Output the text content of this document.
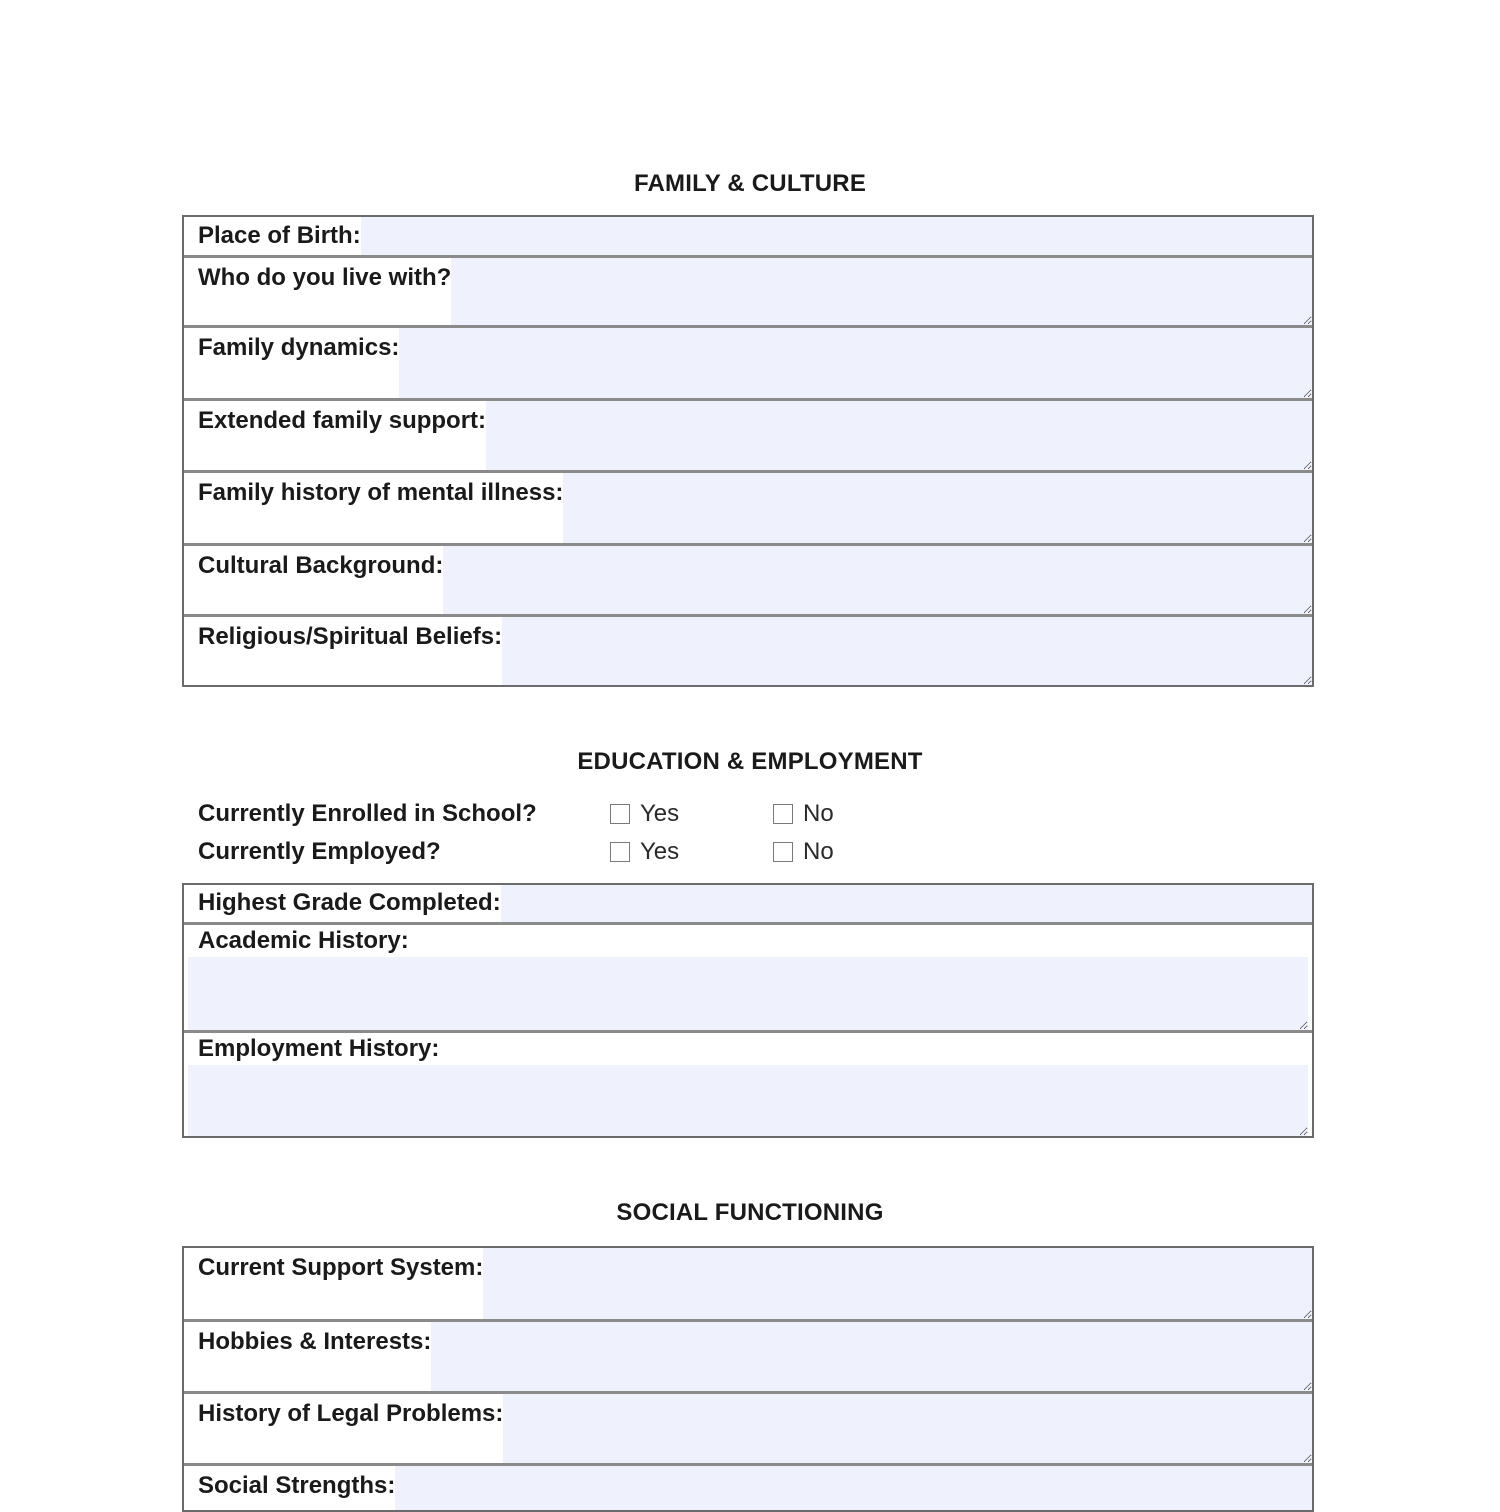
FAMILY & CULTURE
Place of Birth:
Who do you live with?
Family dynamics:
Extended family support:
Family history of mental illness:
Cultural Background:
Religious/Spiritual Beliefs:
EDUCATION & EMPLOYMENT
Currently Enrolled in School?	Yes	No
Currently Employed?	Yes	No
Highest Grade Completed:
Academic History:
Employment History:
SOCIAL FUNCTIONING
Current Support System:
Hobbies & Interests:
History of Legal Problems:
Social Strengths:
